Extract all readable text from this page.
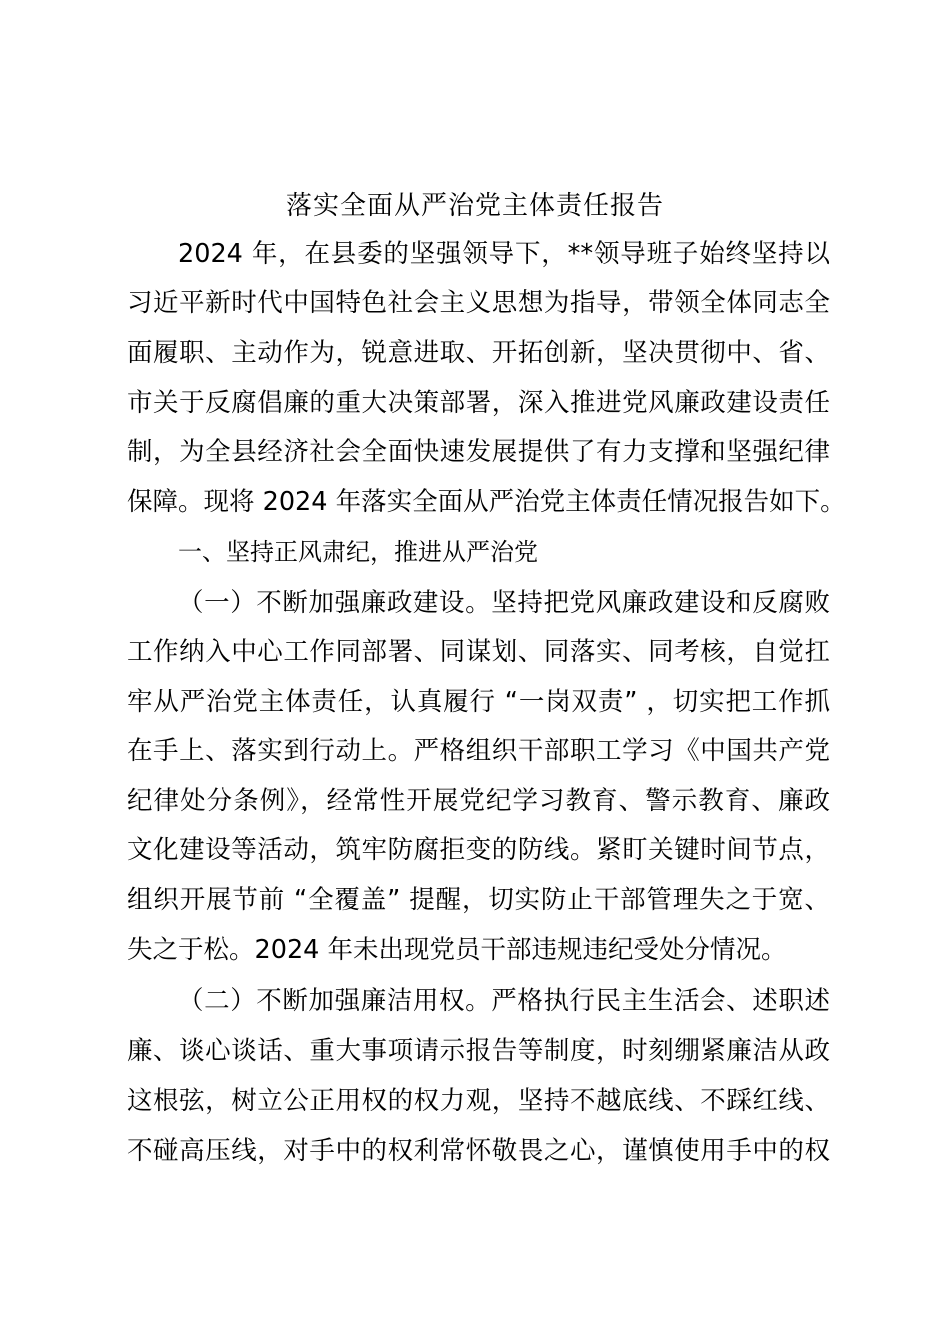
落实全面从严治党主体责任报告
2024 年，在县委的坚强领导下，**领导班子始终坚持以
习近平新时代中国特色社会主义思想为指导，带领全体同志全
面履职、主动作为，锐意进取、开拓创新，坚决贯彻中、省、
市关于反腐倡廉的重大决策部署，深入推进党风廉政建设责任
制，为全县经济社会全面快速发展提供了有力支撑和坚强纪律
保障。现将 2024 年落实全面从严治党主体责任情况报告如下。
一、坚持正风肃纪，推进从严治党
（一）不断加强廉政建设。坚持把党风廉政建设和反腐败
工作纳入中心工作同部署、同谋划、同落实、同考核，自觉扛
牢从严治党主体责任，认真履行 “一岗双责” ，切实把工作抓
在手上、落实到行动上。严格组织干部职工学习《中国共产党
纪律处分条例》，经常性开展党纪学习教育、警示教育、廉政
文化建设等活动，筑牢防腐拒变的防线。紧盯关键时间节点，
组织开展节前 “全覆盖” 提醒，切实防止干部管理失之于宽、
失之于松。2024 年未出现党员干部违规违纪受处分情况。
（二）不断加强廉洁用权。严格执行民主生活会、述职述
廉、谈心谈话、重大事项请示报告等制度，时刻绷紧廉洁从政
这根弦，树立公正用权的权力观，坚持不越底线、不踩红线、
不碰高压线，对手中的权利常怀敬畏之心，谨慎使用手中的权
